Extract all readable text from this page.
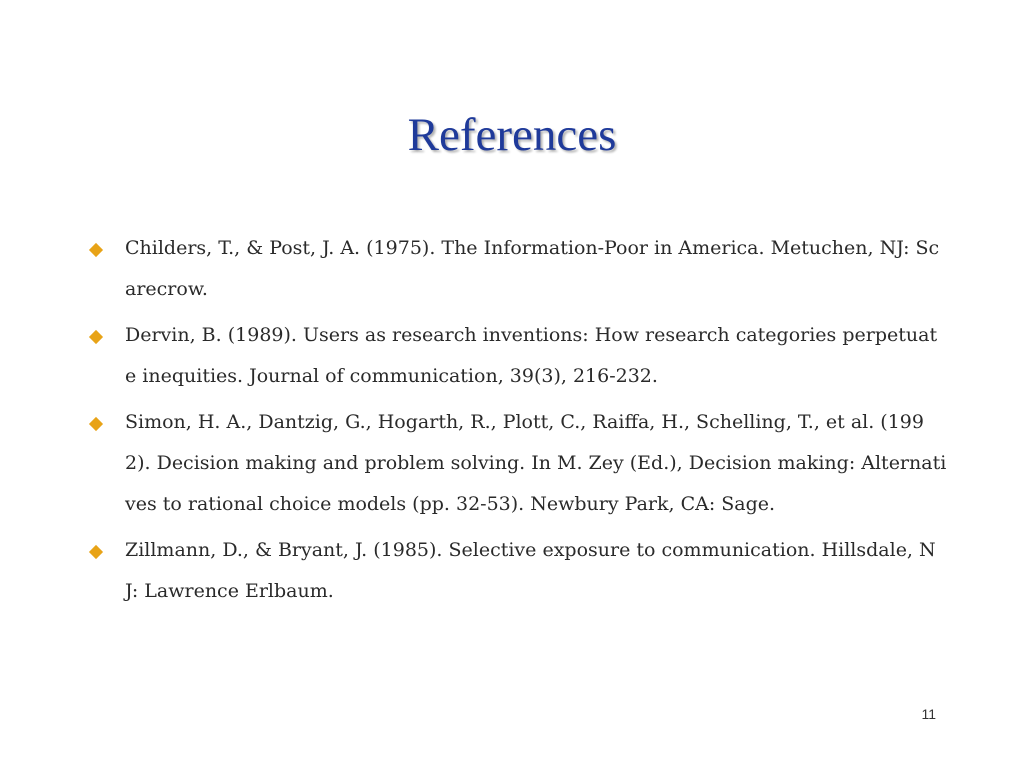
References
Childers, T., & Post, J. A. (1975). The Information-Poor in America. Metuchen, NJ: Scarecrow.
Dervin, B. (1989). Users as research inventions: How research categories perpetuate inequities. Journal of communication, 39(3), 216-232.
Simon, H. A., Dantzig, G., Hogarth, R., Plott, C., Raiffa, H., Schelling, T., et al. (1992). Decision making and problem solving. In M. Zey (Ed.), Decision making: Alternatives to rational choice models (pp. 32-53). Newbury Park, CA: Sage.
Zillmann, D., & Bryant, J. (1985). Selective exposure to communication. Hillsdale, NJ: Lawrence Erlbaum.
11
